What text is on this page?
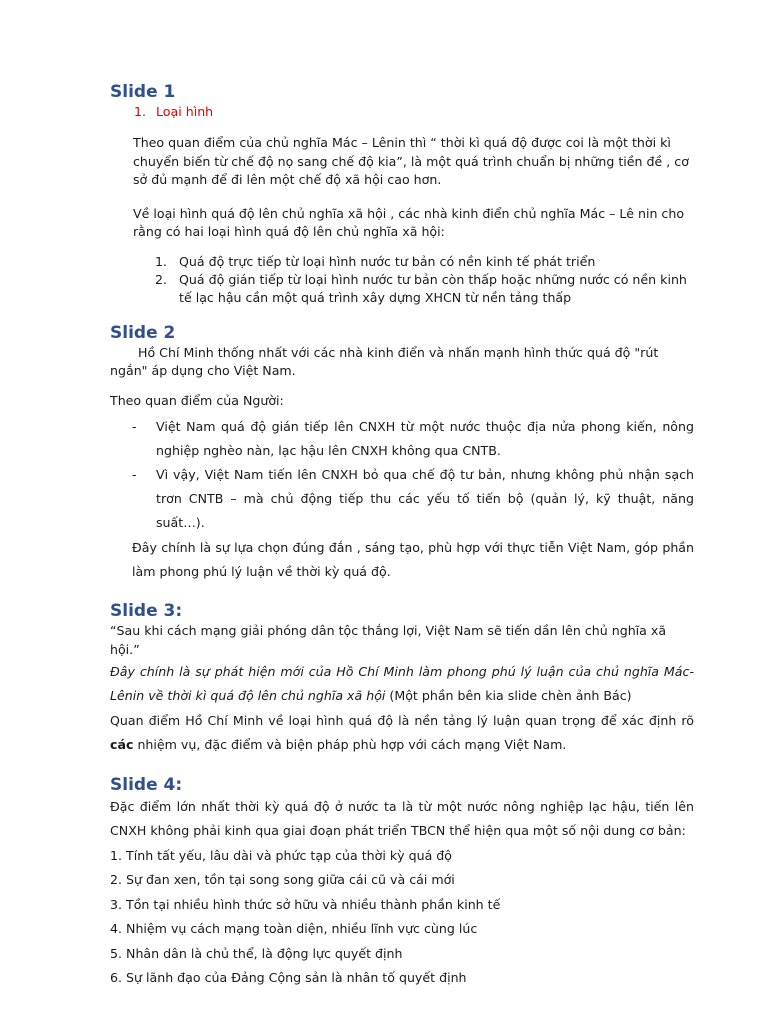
Slide 1
1. Loại hình

Theo quan điểm của chủ nghĩa Mác – Lênin thì “ thời kì quá độ được coi là một thời kì chuyển biến từ chế độ nọ sang chế độ kia”, là một quá trình chuẩn bị những tiền đề , cơ sở đủ mạnh để đi lên một chế độ xã hội cao hơn.

Về loại hình quá độ lên chủ nghĩa xã hội , các nhà kinh điển chủ nghĩa Mác – Lê nin cho rằng có hai loại hình quá độ lên chủ nghĩa xã hội:

1. Quá độ trực tiếp từ loại hình nước tư bản có nền kinh tế phát triển
2. Quá độ gián tiếp từ loại hình nước tư bản còn thấp hoặc những nước có nền kinh tế lạc hậu cần một quá trình xây dựng XHCN từ nền tảng thấp
Slide 2

Hồ Chí Minh thống nhất với các nhà kinh điển và nhấn mạnh hình thức quá độ "rút ngắn" áp dụng cho Việt Nam.

Theo quan điểm của Người:

- Việt Nam quá độ gián tiếp lên CNXH từ một nước thuộc địa nửa phong kiến, nông nghiệp nghèo nàn, lạc hậu lên CNXH không qua CNTB.
- Vì vậy, Việt Nam tiến lên CNXH bỏ qua chế độ tư bản, nhưng không phủ nhận sạch trơn CNTB – mà chủ động tiếp thu các yếu tố tiến bộ (quản lý, kỹ thuật, năng suất…).

Đây chính là sự lựa chọn đúng đắn , sáng tạo, phù hợp với thực tiễn Việt Nam, góp phần làm phong phú lý luận về thời kỳ quá độ.

Slide 3:

“Sau khi cách mạng giải phóng dân tộc thắng lợi, Việt Nam sẽ tiến dần lên chủ nghĩa xã hội.”

Đây chính là sự phát hiện mới của Hồ Chí Minh làm phong phú lý luận của chủ nghĩa Mác-Lênin về thời kì quá độ lên chủ nghĩa xã hội (Một phần bên kia slide chèn ảnh Bác)

Quan điểm Hồ Chí Minh về loại hình quá độ là nền tảng lý luận quan trọng để xác định rõ các nhiệm vụ, đặc điểm và biện pháp phù hợp với cách mạng Việt Nam.

Slide 4:

Đặc điểm lớn nhất thời kỳ quá độ ở nước ta là từ một nước nông nghiệp lạc hậu, tiến lên CNXH không phải kinh qua giai đoạn phát triển TBCN thể hiện qua một số nội dung cơ bản:

1. Tính tất yếu, lâu dài và phức tạp của thời kỳ quá độ

2. Sự đan xen, tồn tại song song giữa cái cũ và cái mới

3. Tồn tại nhiều hình thức sở hữu và nhiều thành phần kinh tế

4. Nhiệm vụ cách mạng toàn diện, nhiều lĩnh vực cùng lúc

5. Nhân dân là chủ thể, là động lực quyết định

6. Sự lãnh đạo của Đảng Cộng sản là nhân tố quyết định
